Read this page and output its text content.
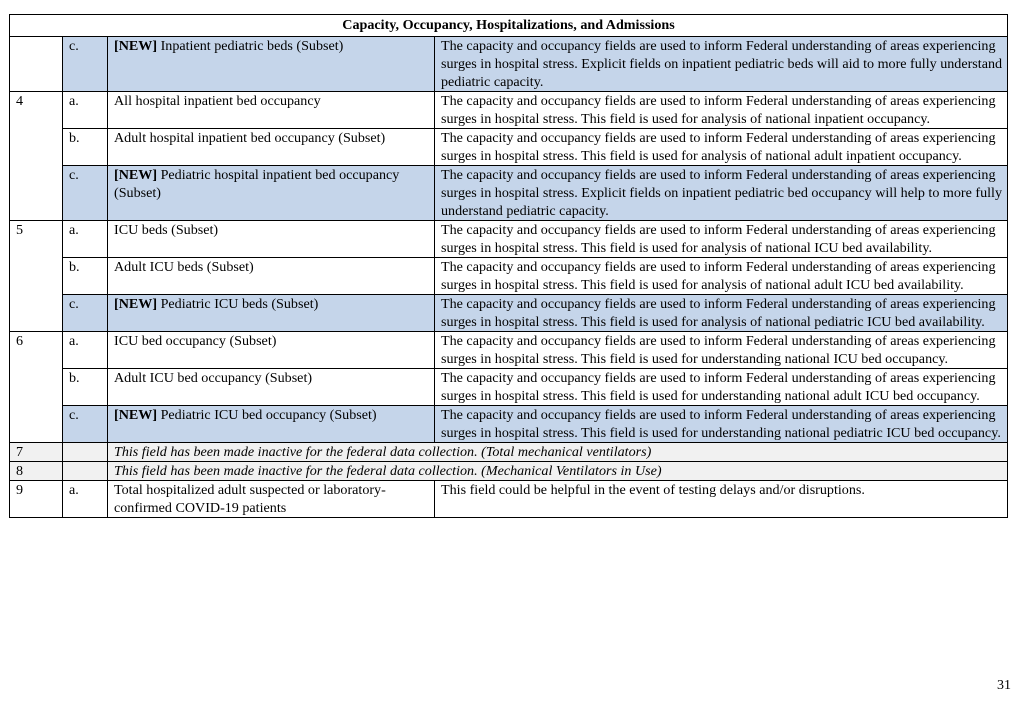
Capacity, Occupancy, Hospitalizations, and Admissions			
	c.	[NEW] Inpatient pediatric beds (Subset)	The capacity and occupancy fields are used to inform Federal understanding of areas experiencing surges in hospital stress. Explicit fields on inpatient pediatric beds will aid to more fully understand pediatric capacity.
4	a.	All hospital inpatient bed occupancy	The capacity and occupancy fields are used to inform Federal understanding of areas experiencing surges in hospital stress. This field is used for analysis of national inpatient occupancy.
	b.	Adult hospital inpatient bed occupancy (Subset)	The capacity and occupancy fields are used to inform Federal understanding of areas experiencing surges in hospital stress. This field is used for analysis of national adult inpatient occupancy.
	c.	[NEW] Pediatric hospital inpatient bed occupancy (Subset)	The capacity and occupancy fields are used to inform Federal understanding of areas experiencing surges in hospital stress. Explicit fields on inpatient pediatric bed occupancy will help to more fully understand pediatric capacity.
5	a.	ICU beds (Subset)	The capacity and occupancy fields are used to inform Federal understanding of areas experiencing surges in hospital stress. This field is used for analysis of national ICU bed availability.
	b.	Adult ICU beds (Subset)	The capacity and occupancy fields are used to inform Federal understanding of areas experiencing surges in hospital stress. This field is used for analysis of national adult ICU bed availability.
	c.	[NEW] Pediatric ICU beds (Subset)	The capacity and occupancy fields are used to inform Federal understanding of areas experiencing surges in hospital stress. This field is used for analysis of national pediatric ICU bed availability.
6	a.	ICU bed occupancy (Subset)	The capacity and occupancy fields are used to inform Federal understanding of areas experiencing surges in hospital stress. This field is used for understanding national ICU bed occupancy.
	b.	Adult ICU bed occupancy (Subset)	The capacity and occupancy fields are used to inform Federal understanding of areas experiencing surges in hospital stress. This field is used for understanding national adult ICU bed occupancy.
	c.	[NEW] Pediatric ICU bed occupancy (Subset)	The capacity and occupancy fields are used to inform Federal understanding of areas experiencing surges in hospital stress. This field is used for understanding national pediatric ICU bed occupancy.
7		This field has been made inactive for the federal data collection. (Total mechanical ventilators)	
8		This field has been made inactive for the federal data collection. (Mechanical Ventilators in Use)	
9	a.	Total hospitalized adult suspected or laboratory-confirmed COVID-19 patients	This field could be helpful in the event of testing delays and/or disruptions.
31
